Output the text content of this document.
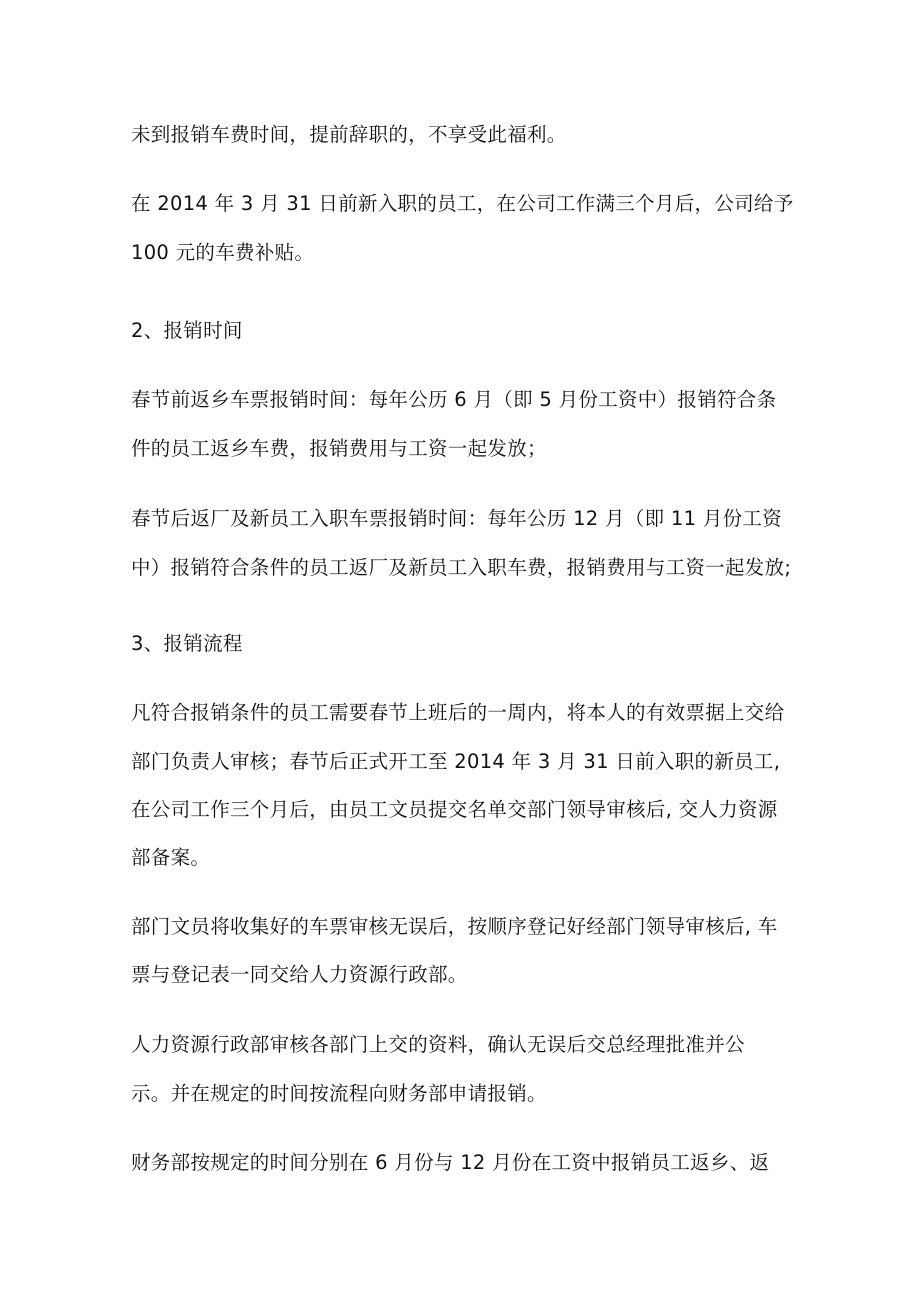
未到报销车费时间，提前辞职的，不享受此福利。

在 2014 年 3 月 31 日前新入职的员工，在公司工作满三个月后，公司给予

100 元的车费补贴。

2、报销时间

春节前返乡车票报销时间：每年公历 6 月（即 5 月份工资中）报销符合条

件的员工返乡车费，报销费用与工资一起发放；

春节后返厂及新员工入职车票报销时间：每年公历 12 月（即 11 月份工资

中）报销符合条件的员工返厂及新员工入职车费，报销费用与工资一起发放;

3、报销流程

凡符合报销条件的员工需要春节上班后的一周内，将本人的有效票据上交给

部门负责人审核；春节后正式开工至 2014 年 3 月 31 日前入职的新员工,

在公司工作三个月后，由员工文员提交名单交部门领导审核后, 交人力资源

部备案。

部门文员将收集好的车票审核无误后，按顺序登记好经部门领导审核后, 车

票与登记表一同交给人力资源行政部。

人力资源行政部审核各部门上交的资料，确认无误后交总经理批准并公

示。并在规定的时间按流程向财务部申请报销。

财务部按规定的时间分别在 6 月份与 12 月份在工资中报销员工返乡、返
